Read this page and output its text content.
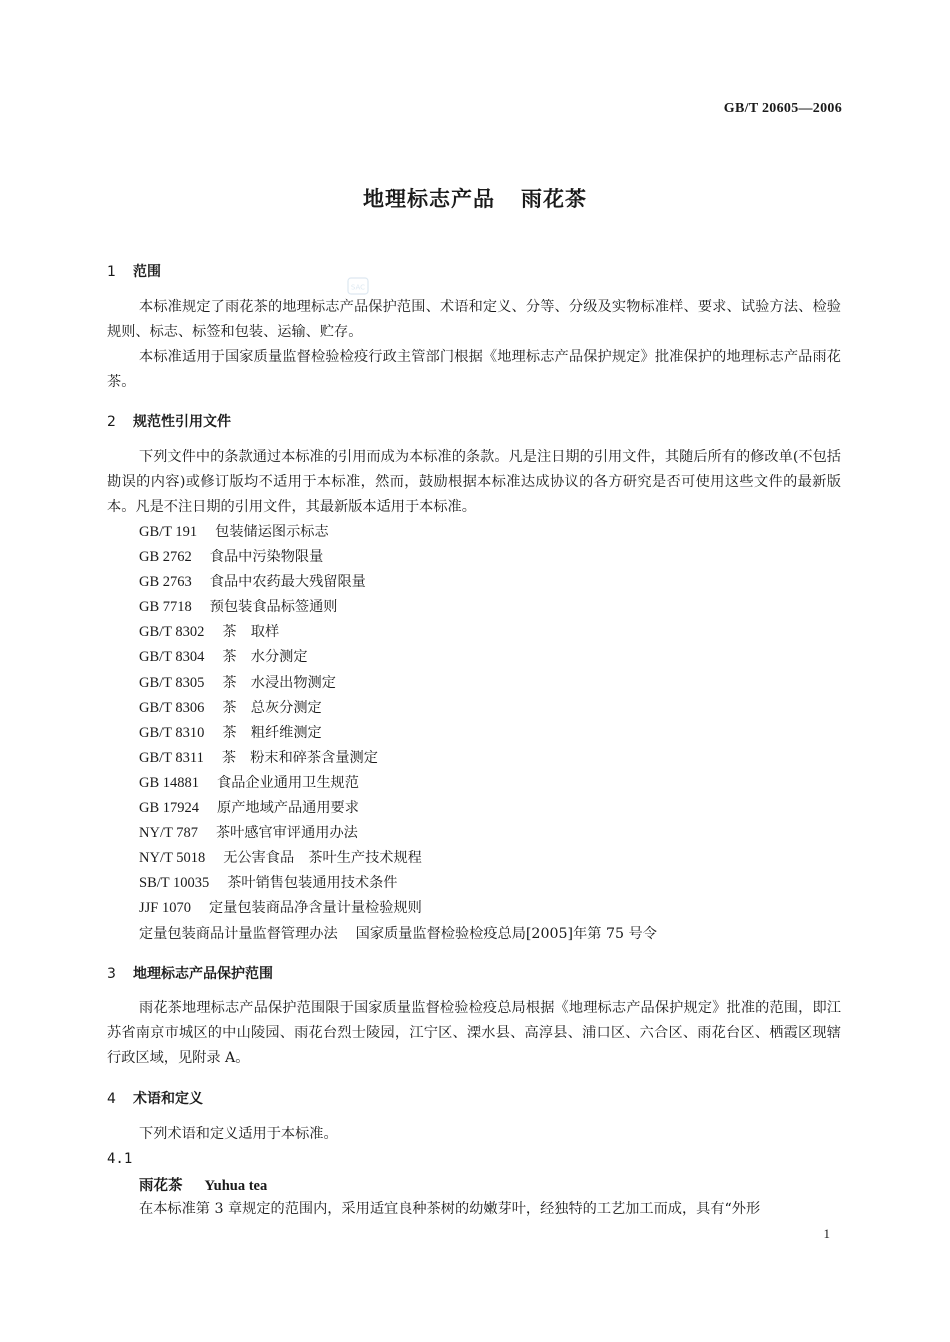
GB/T 20605—2006
SAC
地理标志产品 雨花茶
1 范围

本标准规定了雨花茶的地理标志产品保护范围、术语和定义、分等、分级及实物标准样、要求、试验方法、检验规则、标志、标签和包装、运输、贮存。

本标准适用于国家质量监督检验检疫行政主管部门根据《地理标志产品保护规定》批准保护的地理标志产品雨花茶。

2 规范性引用文件

下列文件中的条款通过本标准的引用而成为本标准的条款。凡是注日期的引用文件，其随后所有的修改单(不包括勘误的内容)或修订版均不适用于本标准，然而，鼓励根据本标准达成协议的各方研究是否可使用这些文件的最新版本。凡是不注日期的引用文件，其最新版本适用于本标准。

GB/T 191 包装储运图示标志
GB 2762 食品中污染物限量
GB 2763 食品中农药最大残留限量
GB 7718 预包装食品标签通则
GB/T 8302 茶　取样
GB/T 8304 茶　水分测定
GB/T 8305 茶　水浸出物测定
GB/T 8306 茶　总灰分测定
GB/T 8310 茶　粗纤维测定
GB/T 8311 茶　粉末和碎茶含量测定
GB 14881 食品企业通用卫生规范
GB 17924 原产地域产品通用要求
NY/T 787 茶叶感官审评通用办法
NY/T 5018 无公害食品　茶叶生产技术规程
SB/T 10035 茶叶销售包装通用技术条件
JJF 1070 定量包装商品净含量计量检验规则
定量包装商品计量监督管理办法 国家质量监督检验检疫总局[2005]年第 75 号令
3 地理标志产品保护范围

雨花茶地理标志产品保护范围限于国家质量监督检验检疫总局根据《地理标志产品保护规定》批准的范围，即江苏省南京市城区的中山陵园、雨花台烈士陵园，江宁区、溧水县、高淳县、浦口区、六合区、雨花台区、栖霞区现辖行政区域，见附录 A。

4 术语和定义

下列术语和定义适用于本标准。

4.1
雨花茶 Yuhua tea

在本标准第 3 章规定的范围内，采用适宜良种茶树的幼嫩芽叶，经独特的工艺加工而成，具有“外形

1
